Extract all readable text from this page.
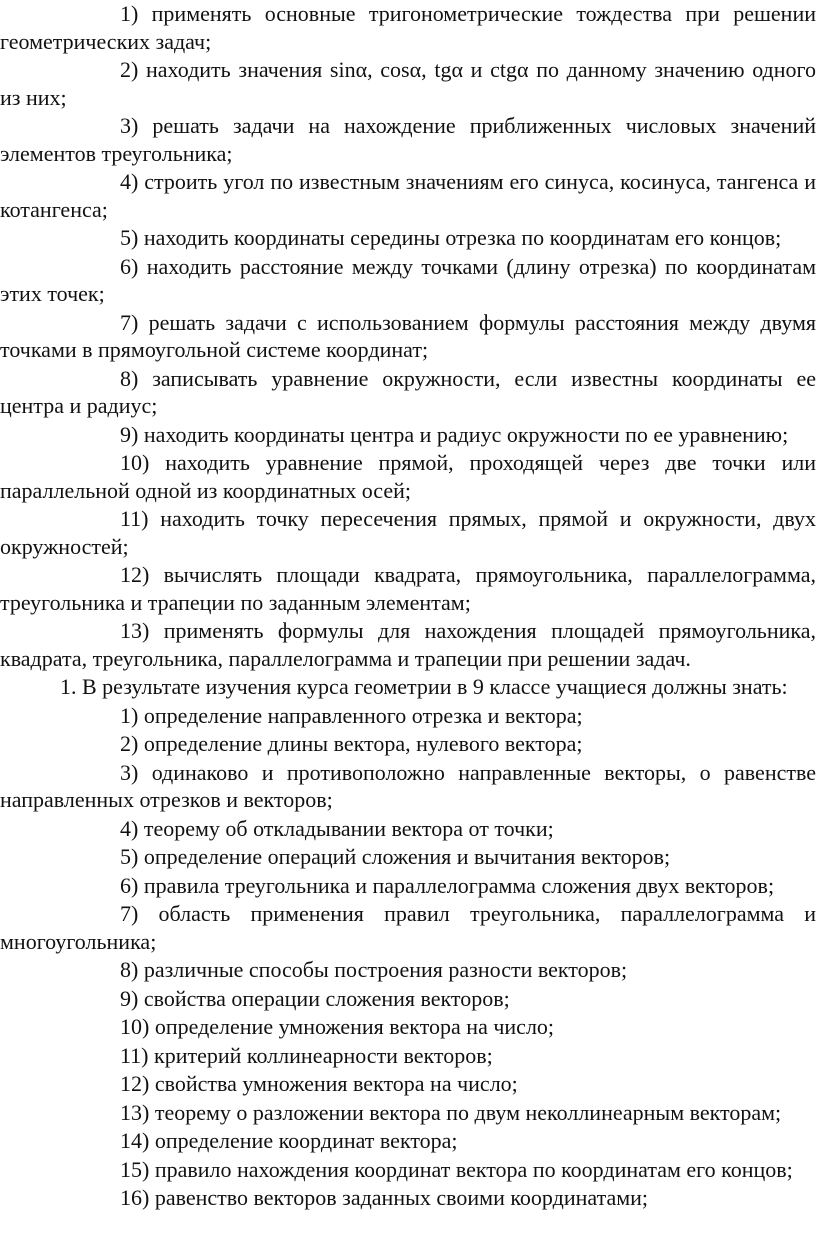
1) применять основные тригонометрические тождества при решении геометрических задач;

2) находить значения sinα, cosα, tgα и ctgα по данному значению одного из них;

3) решать задачи на нахождение приближенных числовых значений элементов треугольника;

4) строить угол по известным значениям его синуса, косинуса, тангенса и котангенса;

5) находить координаты середины отрезка по координатам его концов;

6) находить расстояние между точками (длину отрезка) по координатам этих точек;

7) решать задачи с использованием формулы расстояния между двумя точками в прямоугольной системе координат;

8) записывать уравнение окружности, если известны координаты ее центра и радиус;

9) находить координаты центра и радиус окружности по ее уравнению;

10) находить уравнение прямой, проходящей через две точки или параллельной одной из координатных осей;

11) находить точку пересечения прямых, прямой и окружности, двух окружностей;

12) вычислять площади квадрата, прямоугольника, параллелограмма, треугольника и трапеции по заданным элементам;

13) применять формулы для нахождения площадей прямоугольника, квадрата, треугольника, параллелограмма и трапеции при решении задач.

1. В результате изучения курса геометрии в 9 классе учащиеся должны знать:

1) определение направленного отрезка и вектора;

2) определение длины вектора, нулевого вектора;

3) одинаково и противоположно направленные векторы, о равенстве направленных отрезков и векторов;

4) теорему об откладывании вектора от точки;

5) определение операций сложения и вычитания векторов;

6) правила треугольника и параллелограмма сложения двух векторов;

7) область применения правил треугольника, параллелограмма и многоугольника;

8) различные способы построения разности векторов;

9) свойства операции сложения векторов;

10) определение умножения вектора на число;

11) критерий коллинеарности векторов;

12) свойства умножения вектора на число;

13) теорему о разложении вектора по двум неколлинеарным векторам;

14) определение координат вектора;

15) правило нахождения координат вектора по координатам его концов;

16) равенство векторов заданных своими координатами;
